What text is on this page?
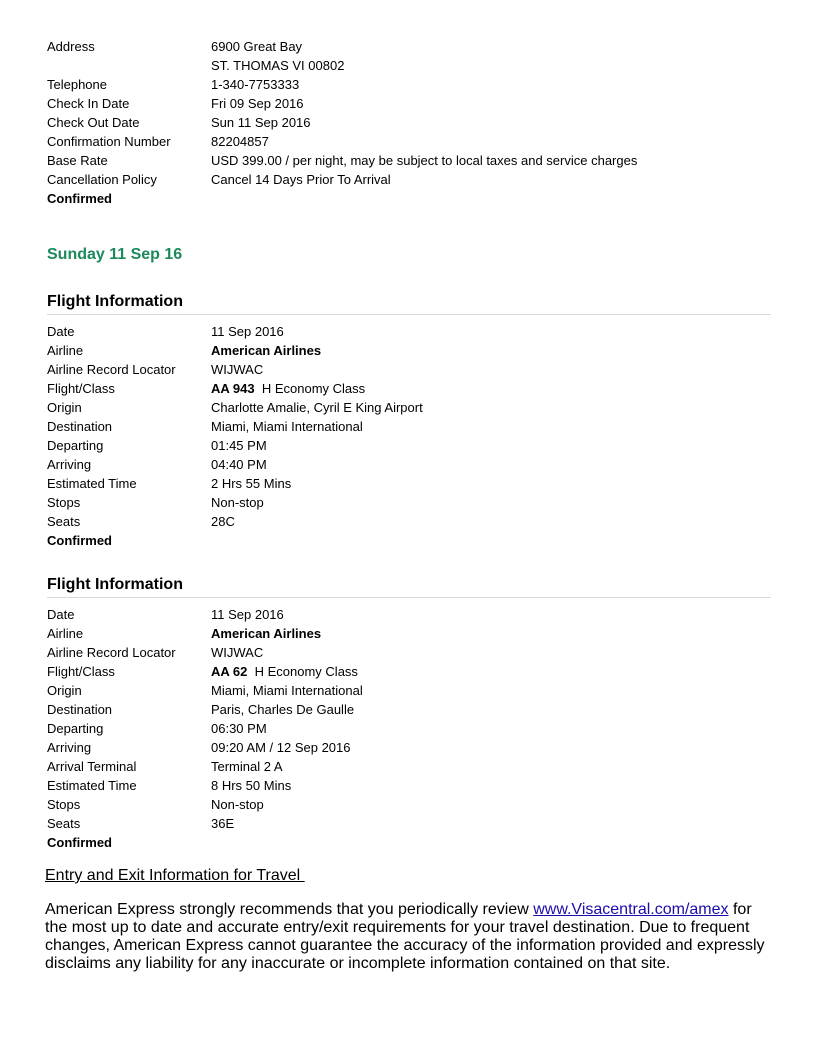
Address	6900 Great Bay
ST. THOMAS VI 00802
Telephone	1-340-7753333
Check In Date	Fri 09 Sep 2016
Check Out Date	Sun 11 Sep 2016
Confirmation Number	82204857
Base Rate	USD 399.00 / per night, may be subject to local taxes and service charges
Cancellation Policy	Cancel 14 Days Prior To Arrival
Confirmed
Sunday 11 Sep 16
Flight Information
Date	11 Sep 2016
Airline	American Airlines
Airline Record Locator	WIJWAC
Flight/Class	AA 943 H Economy Class
Origin	Charlotte Amalie, Cyril E King Airport
Destination	Miami, Miami International
Departing	01:45 PM
Arriving	04:40 PM
Estimated Time	2 Hrs 55 Mins
Stops	Non-stop
Seats	28C
Confirmed
Flight Information
Date	11 Sep 2016
Airline	American Airlines
Airline Record Locator	WIJWAC
Flight/Class	AA 62 H Economy Class
Origin	Miami, Miami International
Destination	Paris, Charles De Gaulle
Departing	06:30 PM
Arriving	09:20 AM / 12 Sep 2016
Arrival Terminal	Terminal 2 A
Estimated Time	8 Hrs 50 Mins
Stops	Non-stop
Seats	36E
Confirmed
Entry and Exit Information for Travel
American Express strongly recommends that you periodically review www.Visacentral.com/amex for the most up to date and accurate entry/exit requirements for your travel destination. Due to frequent changes, American Express cannot guarantee the accuracy of the information provided and expressly disclaims any liability for any inaccurate or incomplete information contained on that site.
